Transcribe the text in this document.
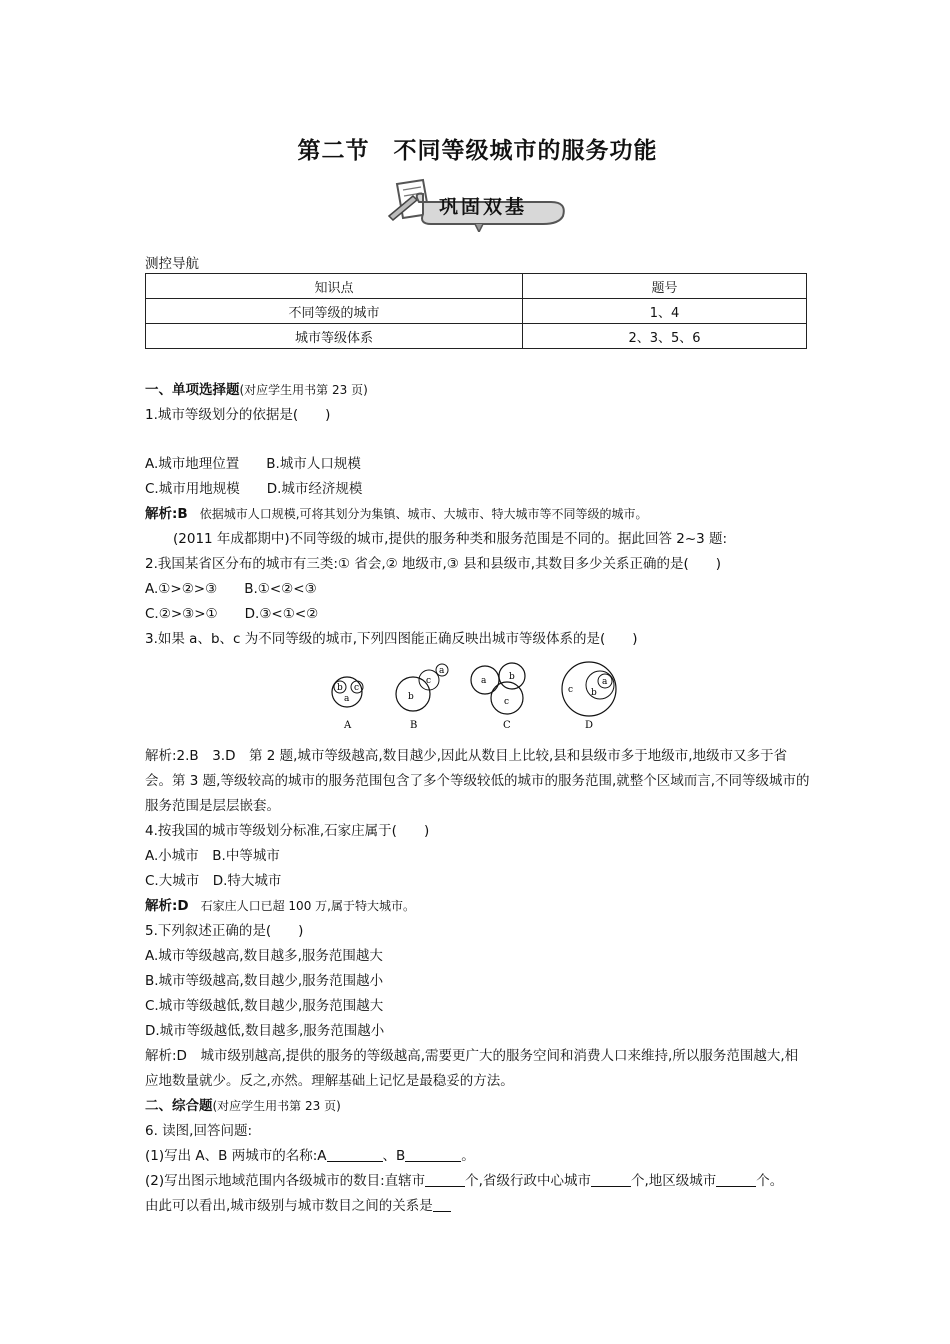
第二节　不同等级城市的服务功能
巩固双基
测控导航
知识点	题号
不同等级的城市	1、4
城市等级体系	2、3、5、6
一、单项选择题(对应学生用书第 23 页)
1.城市等级划分的依据是(　　)
A.城市地理位置　　B.城市人口规模
C.城市用地规模　　D.城市经济规模
解析:B　依据城市人口规模,可将其划分为集镇、城市、大城市、特大城市等不同等级的城市。
(2011 年成都期中)不同等级的城市,提供的服务种类和服务范围是不同的。据此回答 2~3 题:
2.我国某省区分布的城市有三类:① 省会,② 地级市,③ 县和县级市,其数目多少关系正确的是(　　)
A.①>②>③　　B.①<②<③
C.②>③>①　　D.③<①<②
3.如果 a、b、c 为不同等级的城市,下列四图能正确反映出城市等级体系的是(　　)
b c
a
A
b
c
a
B
a	b
c
C
c b
a
D
解析:2.B　3.D　第 2 题,城市等级越高,数目越少,因此从数目上比较,县和县级市多于地级市,地级市又多于省会。第 3 题,等级较高的城市的服务范围包含了多个等级较低的城市的服务范围,就整个区域而言,不同等级城市的服务范围是层层嵌套。
4.按我国的城市等级划分标准,石家庄属于(　　)
A.小城市　B.中等城市
C.大城市　D.特大城市
解析:D　石家庄人口已超 100 万,属于特大城市。
5.下列叙述正确的是(　　)
A.城市等级越高,数目越多,服务范围越大
B.城市等级越高,数目越少,服务范围越小
C.城市等级越低,数目越少,服务范围越大
D.城市等级越低,数目越多,服务范围越小
解析:D　城市级别越高,提供的服务的等级越高,需要更广大的服务空间和消费人口来维持,所以服务范围越大,相应地数量就少。反之,亦然。理解基础上记忆是最稳妥的方法。
二、综合题(对应学生用书第 23 页)
6. 读图,回答问题:
(1)写出 A、B 两城市的名称:A	、B	。
(2)写出图示地域范围内各级城市的数目:直辖市	个,省级行政中心城市	个,地区级城市	个。
由此可以看出,城市级别与城市数目之间的关系是
